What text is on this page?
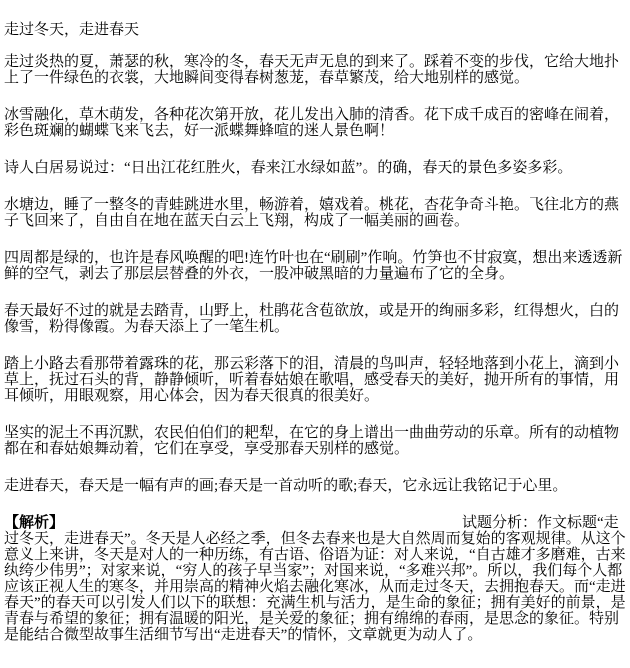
走过冬天，走进春天

走过炎热的夏，萧瑟的秋，寒冷的冬，春天无声无息的到来了。踩着不变的步伐，它给大地扑上了一件绿色的衣裳，大地瞬间变得春树葱茏，春草繁茂，给大地别样的感觉。

冰雪融化，草木萌发，各种花次第开放，花儿发出入肺的清香。花下成千成百的密峰在闹着，彩色斑斓的蝴蝶飞来飞去，好一派蝶舞蜂喧的迷人景色啊！

诗人白居易说过：“日出江花红胜火，春来江水绿如蓝”。的确，春天的景色多姿多彩。

水塘边，睡了一整冬的青蛙跳进水里，畅游着，嬉戏着。桃花，杏花争奇斗艳。飞往北方的燕子飞回来了，自由自在地在蓝天白云上飞翔，构成了一幅美丽的画卷。

四周都是绿的，也许是春风唤醒的吧!连竹叶也在“刷刷”作响。竹笋也不甘寂寞，想出来透透新鲜的空气，剥去了那层层替叠的外衣，一股冲破黑暗的力量遍布了它的全身。

春天最好不过的就是去踏青，山野上，杜鹃花含苞欲放，或是开的绚丽多彩，红得想火，白的像雪，粉得像霞。为春天添上了一笔生机。

踏上小路去看那带着露珠的花，那云彩落下的泪，清晨的鸟叫声，轻轻地落到小花上，滴到小草上，抚过石头的背，静静倾听，听着春姑娘在歌唱，感受春天的美好，抛开所有的事情，用耳倾听，用眼观察，用心体会，因为春天很真的很美好。

坚实的泥土不再沉默，农民伯伯们的耙犁，在它的身上谱出一曲曲劳动的乐章。所有的动植物都在和春姑娘舞动着，它们在享受，享受那春天别样的感觉。

走进春天，春天是一幅有声的画;春天是一首动听的歌;春天，它永远让我铭记于心里。

【解析】	试题分析：作文标题“走过冬天，走进春天”。冬天是人必经之季，但冬去春来也是大自然周而复始的客观规律。从这个意义上来讲，冬天是对人的一种历练，有古语、俗语为证：对人来说，“自古雄才多磨难，古来纨绔少伟男”；对家来说，“穷人的孩子早当家”；对国来说，“多难兴邦”。所以，我们每个人都应该正视人生的寒冬，并用崇高的精神火焰去融化寒冰，从而走过冬天，去拥抱春天。而“走进春天”的春天可以引发人们以下的联想：充满生机与活力，是生命的象征；拥有美好的前景，是青春与希望的象征；拥有温暖的阳光，是关爱的象征；拥有绵绵的春雨，是思念的象征。特别是能结合微型故事生活细节写出“走进春天”的情怀，文章就更为动人了。
